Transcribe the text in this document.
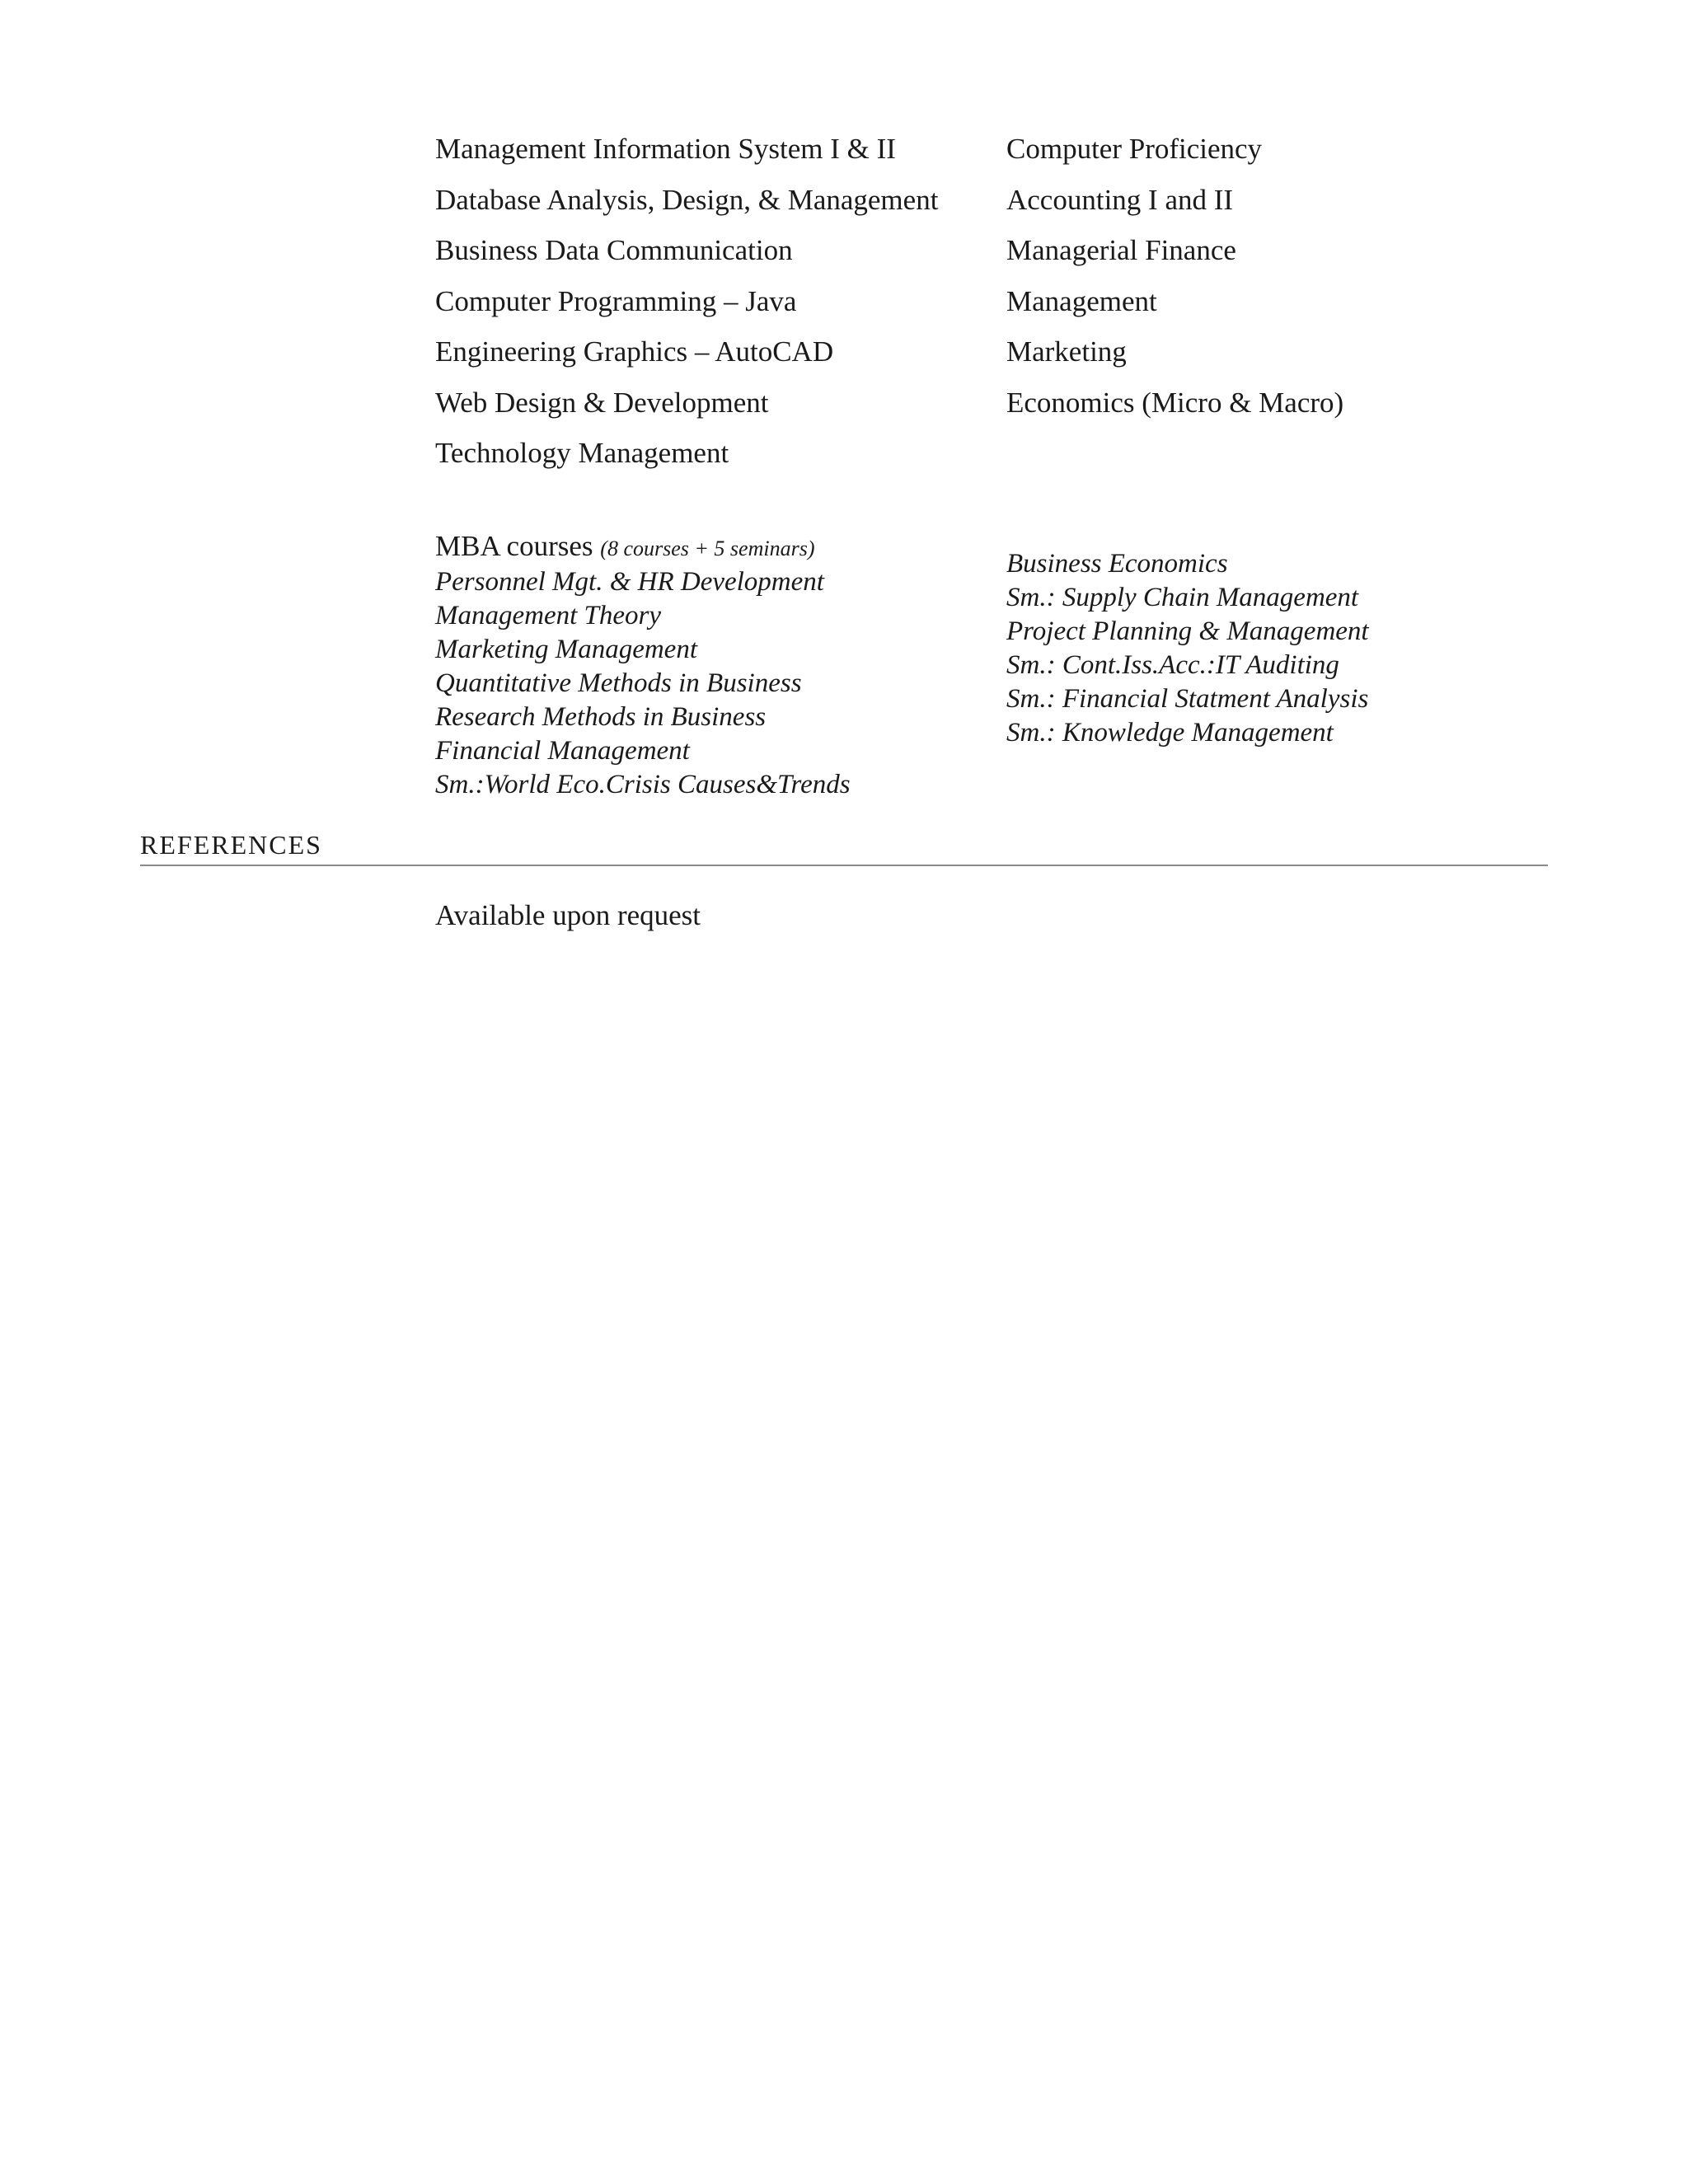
Management Information System I & II
Database Analysis, Design, & Management
Business Data Communication
Computer Programming – Java
Engineering Graphics – AutoCAD
Web Design & Development
Technology Management
Computer Proficiency
Accounting I and II
Managerial Finance
Management
Marketing
Economics (Micro & Macro)
MBA courses (8 courses + 5 seminars)
Personnel Mgt. & HR Development
Management Theory
Marketing Management
Quantitative Methods in Business
Research Methods in Business
Financial Management
Sm.:World Eco.Crisis Causes&Trends
Business Economics
Sm.: Supply Chain Management
Project Planning & Management
Sm.: Cont.Iss.Acc.:IT Auditing
Sm.: Financial Statment Analysis
Sm.: Knowledge Management
REFERENCES
Available upon request
